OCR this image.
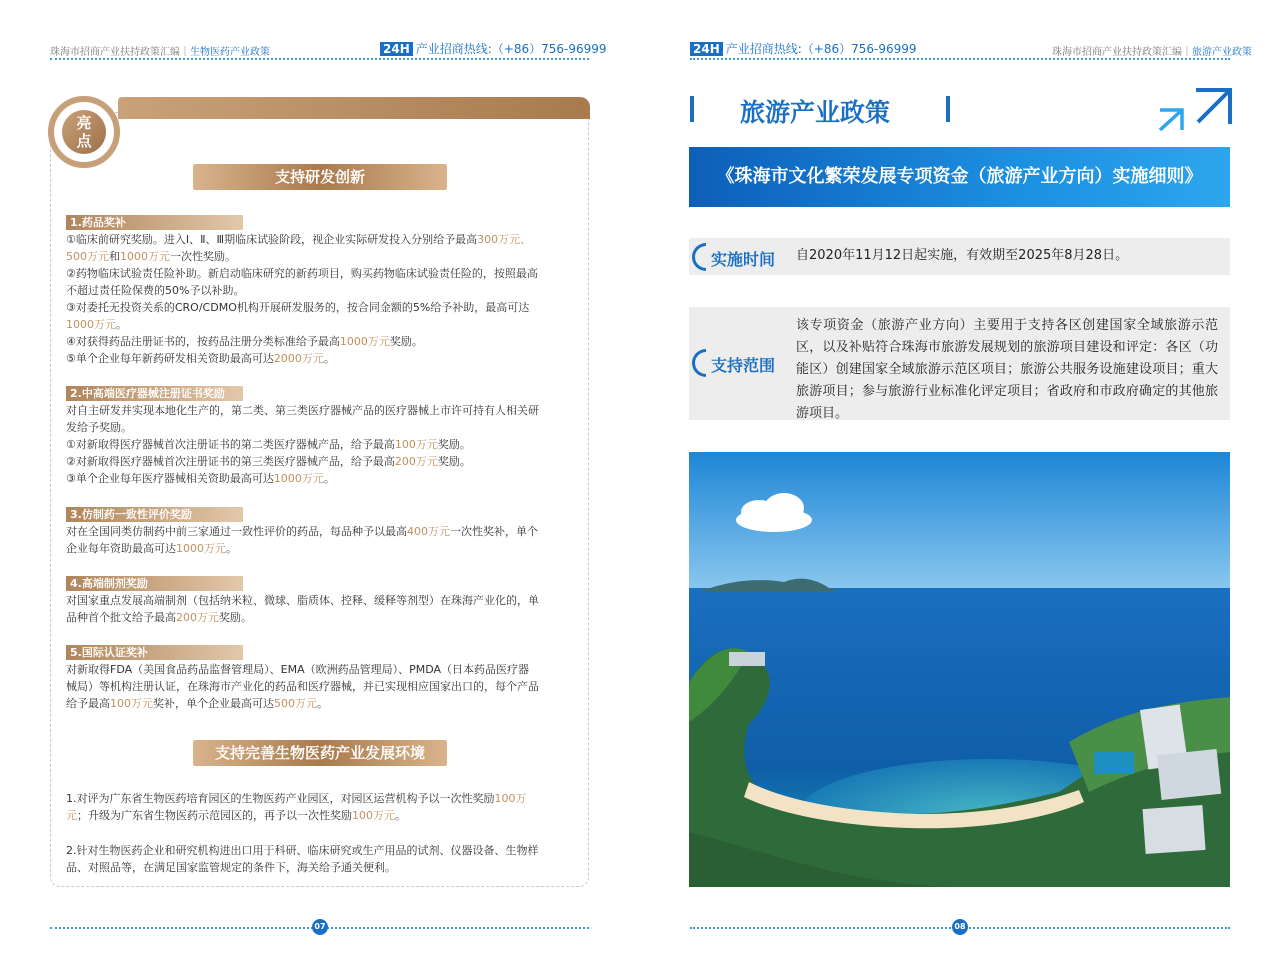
珠海市招商产业扶持政策汇编｜生物医药产业政策	24H 产业招商热线:（+86）756-96999
亮
点
支持研发创新
1.药品奖补
①临床前研究奖励。进入Ⅰ、Ⅱ、Ⅲ期临床试验阶段，视企业实际研发投入分别给予最高300万元、
500万元和1000万元一次性奖励。
②药物临床试验责任险补助。新启动临床研究的新药项目，购买药物临床试验责任险的，按照最高
不超过责任险保费的50%予以补助。
③对委托无投资关系的CRO/CDMO机构开展研发服务的，按合同金额的5%给予补助，最高可达
1000万元。
④对获得药品注册证书的，按药品注册分类标准给予最高1000万元奖励。
⑤单个企业每年新药研发相关资助最高可达2000万元。
2.中高端医疗器械注册证书奖励
对自主研发并实现本地化生产的，第二类、第三类医疗器械产品的医疗器械上市许可持有人相关研
发给予奖励。
①对新取得医疗器械首次注册证书的第二类医疗器械产品，给予最高100万元奖励。
②对新取得医疗器械首次注册证书的第三类医疗器械产品，给予最高200万元奖励。
③单个企业每年医疗器械相关资助最高可达1000万元。
3.仿制药一致性评价奖励
对在全国同类仿制药中前三家通过一致性评价的药品，每品种予以最高400万元一次性奖补，单个
企业每年资助最高可达1000万元。
4.高端制剂奖励
对国家重点发展高端制剂（包括纳米粒、微球、脂质体、控释、缓释等剂型）在珠海产业化的，单
品种首个批文给予最高200万元奖励。
5.国际认证奖补
对新取得FDA（美国食品药品监督管理局）、EMA（欧洲药品管理局）、PMDA（日本药品医疗器
械局）等机构注册认证，在珠海市产业化的药品和医疗器械，并已实现相应国家出口的，每个产品
给予最高100万元奖补，单个企业最高可达500万元。
支持完善生物医药产业发展环境
1.对评为广东省生物医药培育园区的生物医药产业园区，对园区运营机构予以一次性奖励100万
元；升级为广东省生物医药示范园区的，再予以一次性奖励100万元。
2.针对生物医药企业和研究机构进出口用于科研、临床研究或生产用品的试剂、仪器设备、生物样
品、对照品等，在满足国家监管规定的条件下，海关给予通关便利。
07
24H 产业招商热线:（+86）756-96999	珠海市招商产业扶持政策汇编｜旅游产业政策
旅游产业政策
《珠海市文化繁荣发展专项资金（旅游产业方向）实施细则》
实施时间 自2020年11月12日起实施，有效期至2025年8月28日。
支持范围
该专项资金（旅游产业方向）主要用于支持各区创建国家全域旅游示范区，以及补贴符合珠海市旅游发展规划的旅游项目建设和评定：各区（功能区）创建国家全域旅游示范区项目；旅游公共服务设施建设项目；重大旅游项目；参与旅游行业标准化评定项目；省政府和市政府确定的其他旅游项目。
08
